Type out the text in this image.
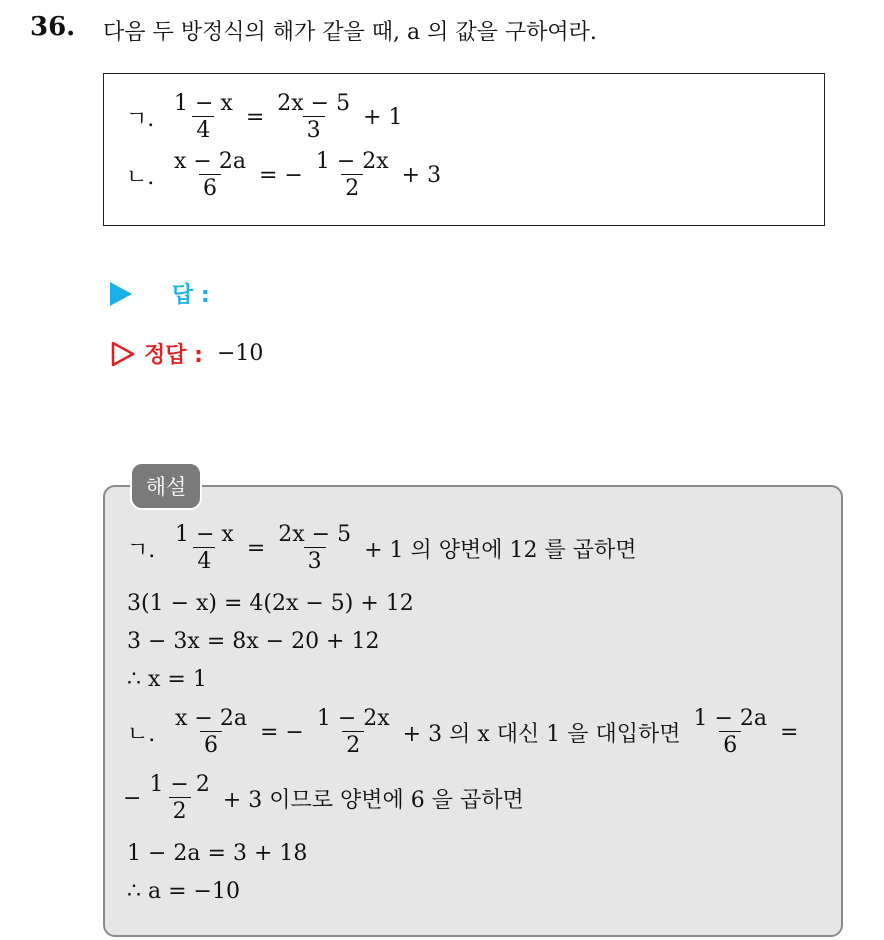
36. 다음 두 방정식의 해가 같을 때, a 의 값을 구하여라.
ㄱ. $\frac{1 - x}{4} = \frac{2x - 5}{3} + 1$
ㄴ. $\frac{x - 2a}{6}$ = − $\frac{1 - 2x}{2} + 3$
답 :
정답 : −10
해설
ㄱ. $\frac{1 - x}{4} = \frac{2x - 5}{3} + 1$ 의 양변에 12 를 곱하면
3(1 − x) = 4(2x − 5) + 12
3 − 3x = 8x − 20 + 12
∴ x = 1
ㄴ. $\frac{x - 2a}{6}$ = − $\frac{1 - 2x}{2} + 3$ 의 x 대신 1 을 대입하면 $\frac{1 - 2a}{6}$ =
− $\frac{1 - 2}{2} + 3$ 이므로 양변에 6 을 곱하면
1 − 2a = 3 + 18
∴ a = −10
